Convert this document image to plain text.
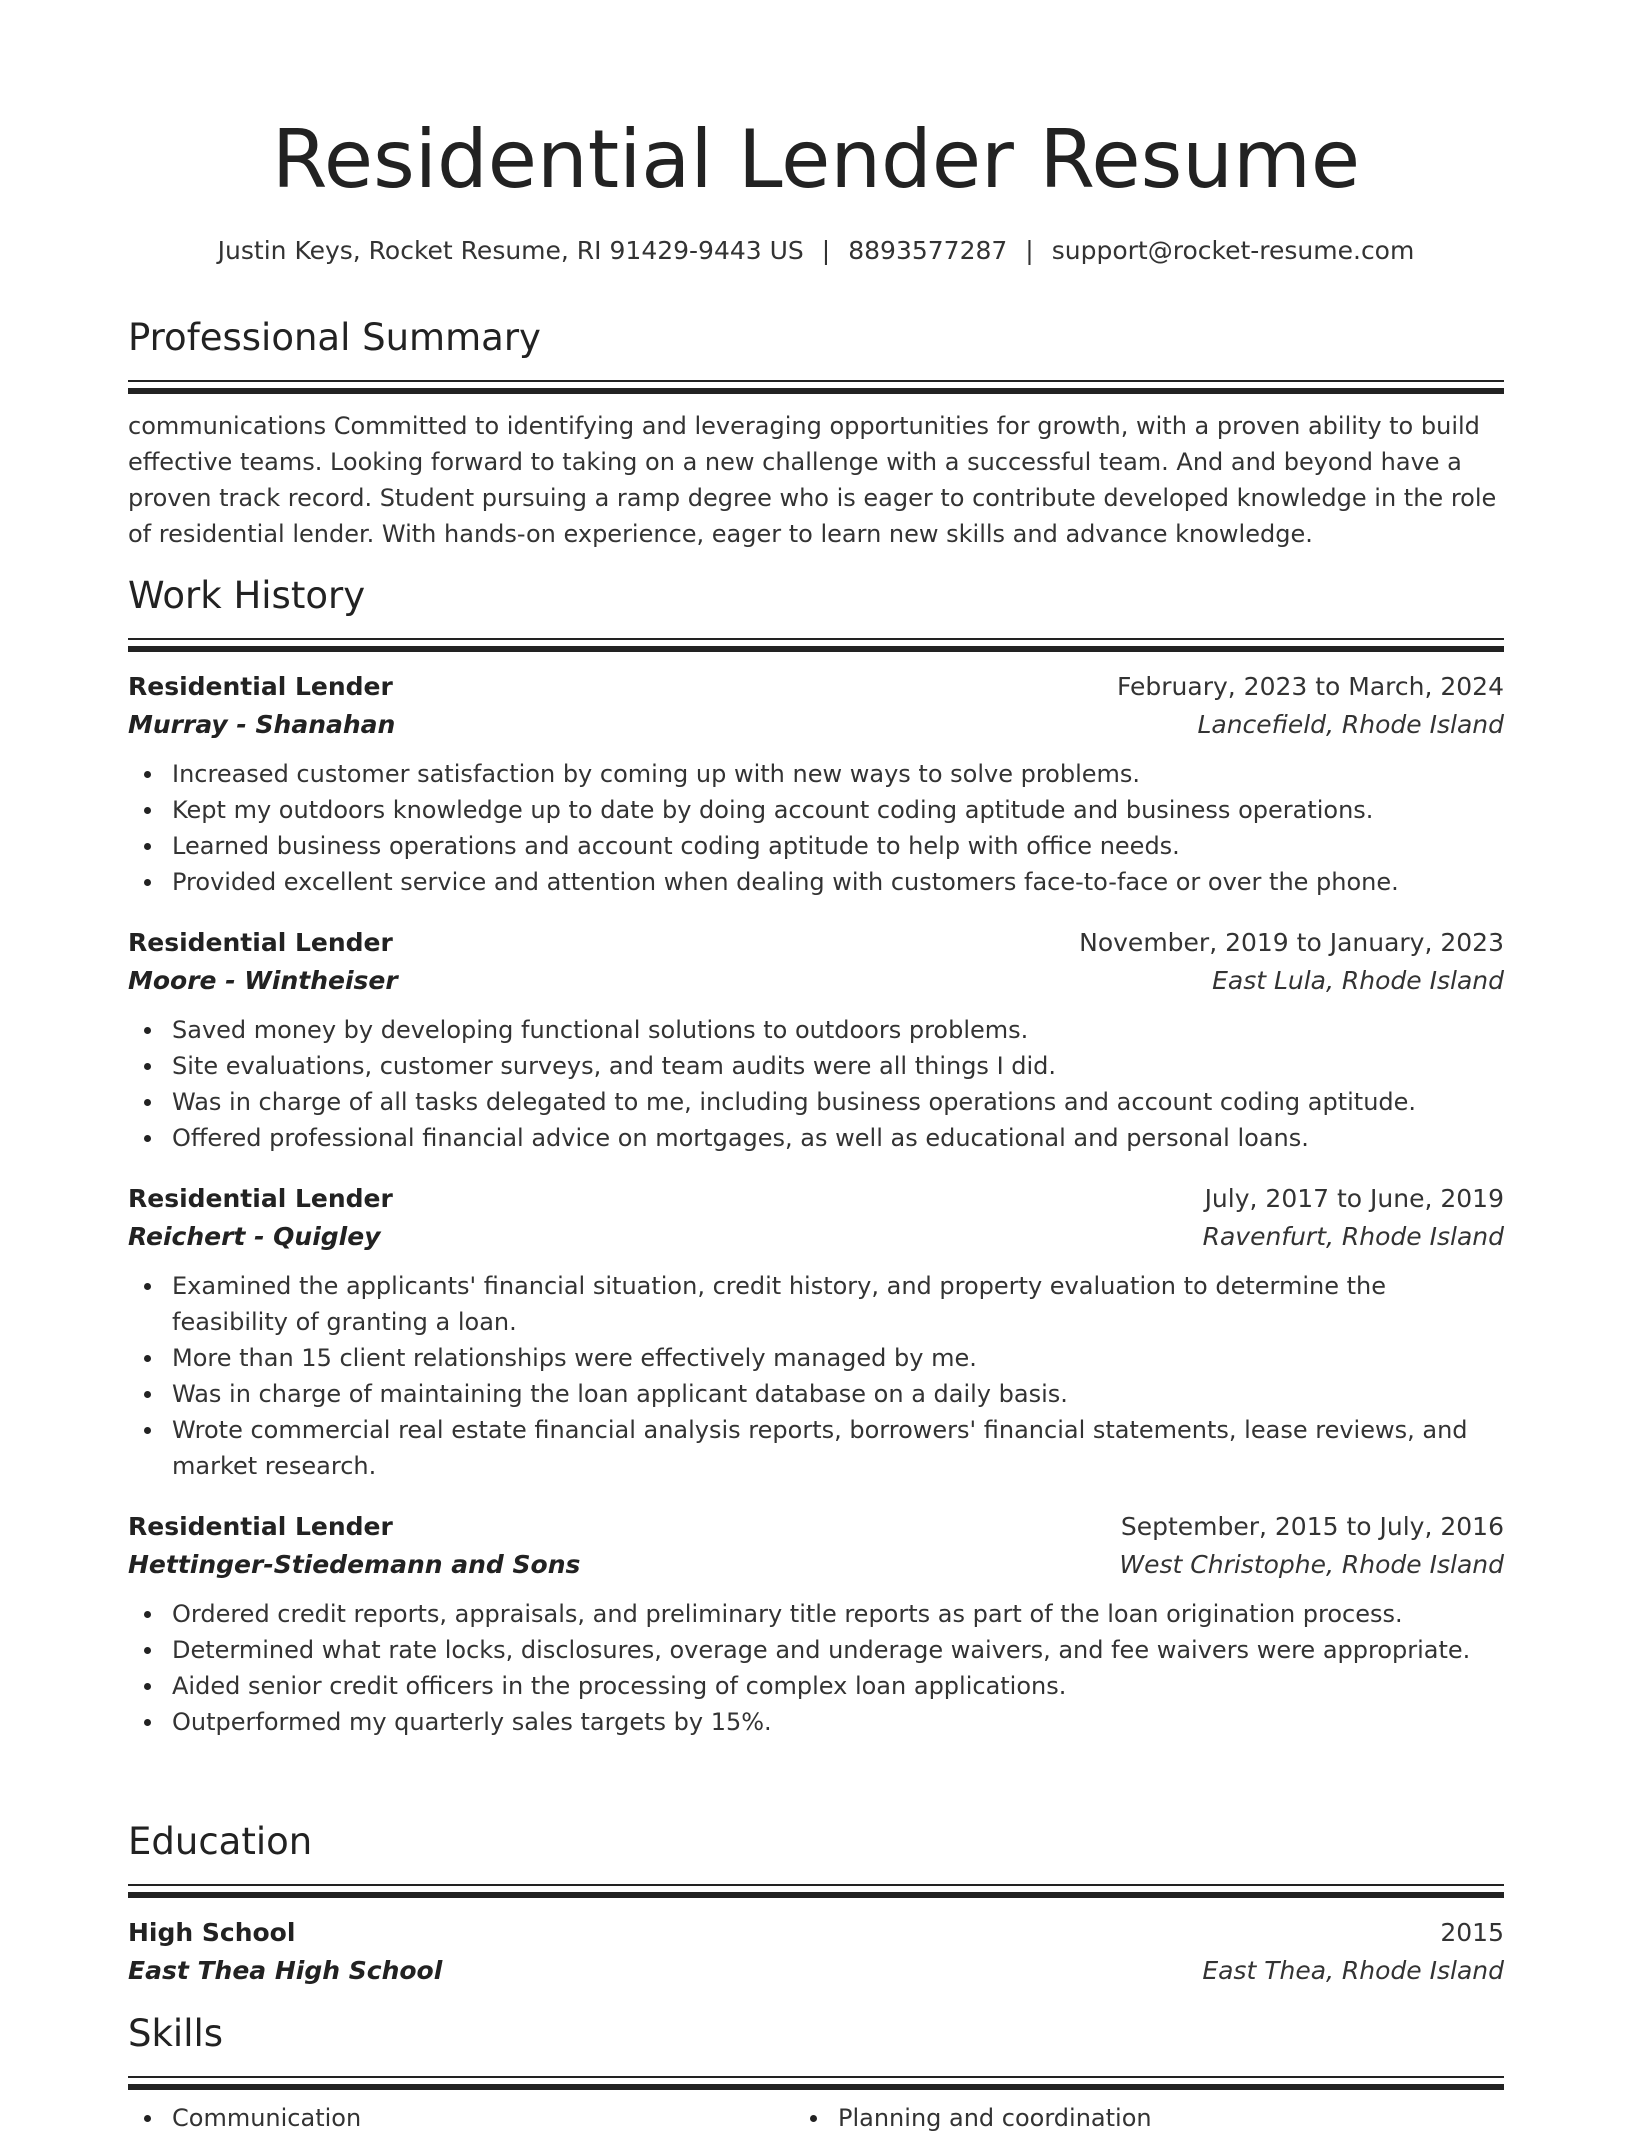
Residential Lender Resume
Justin Keys, Rocket Resume, RI 91429-9443 US | 8893577287 | support@rocket-resume.com
Professional Summary

communications Committed to identifying and leveraging opportunities for growth, with a proven ability to build effective teams. Looking forward to taking on a new challenge with a successful team. And and beyond have a proven track record. Student pursuing a ramp degree who is eager to contribute developed knowledge in the role of residential lender. With hands-on experience, eager to learn new skills and advance knowledge.

Work History
Residential Lender	February, 2023 to March, 2024
Murray - Shanahan	Lancefield, Rhode Island
Increased customer satisfaction by coming up with new ways to solve problems.
Kept my outdoors knowledge up to date by doing account coding aptitude and business operations.
Learned business operations and account coding aptitude to help with office needs.
Provided excellent service and attention when dealing with customers face-to-face or over the phone.
Residential Lender	November, 2019 to January, 2023
Moore - Wintheiser	East Lula, Rhode Island
Saved money by developing functional solutions to outdoors problems.
Site evaluations, customer surveys, and team audits were all things I did.
Was in charge of all tasks delegated to me, including business operations and account coding aptitude.
Offered professional financial advice on mortgages, as well as educational and personal loans.
Residential Lender	July, 2017 to June, 2019
Reichert - Quigley	Ravenfurt, Rhode Island
Examined the applicants' financial situation, credit history, and property evaluation to determine the feasibility of granting a loan.
More than 15 client relationships were effectively managed by me.
Was in charge of maintaining the loan applicant database on a daily basis.
Wrote commercial real estate financial analysis reports, borrowers' financial statements, lease reviews, and market research.
Residential Lender	September, 2015 to July, 2016
Hettinger-Stiedemann and Sons	West Christophe, Rhode Island
Ordered credit reports, appraisals, and preliminary title reports as part of the loan origination process.
Determined what rate locks, disclosures, overage and underage waivers, and fee waivers were appropriate.
Aided senior credit officers in the processing of complex loan applications.
Outperformed my quarterly sales targets by 15%.
Education
High School	2015
East Thea High School	East Thea, Rhode Island
Skills
Communication	Planning and coordination
